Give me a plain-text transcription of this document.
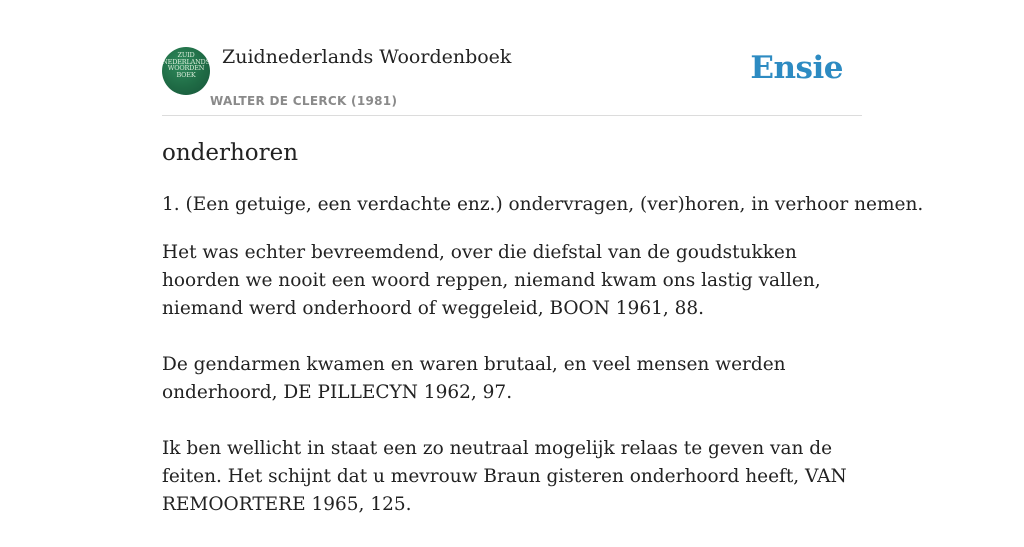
ZUID
NEDERLANDS
WOORDEN
BOEK
Zuidnederlands Woordenboek
WALTER DE CLERCK (1981)
Ensie
onderhoren

1. (Een getuige, een verdachte enz.) ondervragen, (ver)horen, in verhoor nemen.

Het was echter bevreemdend, over die diefstal van de goudstukken hoorden we nooit een woord reppen, niemand kwam ons lastig vallen, niemand werd onderhoord of weggeleid, BOON 1961, 88.

De gendarmen kwamen en waren brutaal, en veel mensen werden onderhoord, DE PILLECYN 1962, 97.

Ik ben wellicht in staat een zo neutraal mogelijk relaas te geven van de feiten. Het schijnt dat u mevrouw Braun gisteren onderhoord heeft, VAN REMOORTERE 1965, 125.
